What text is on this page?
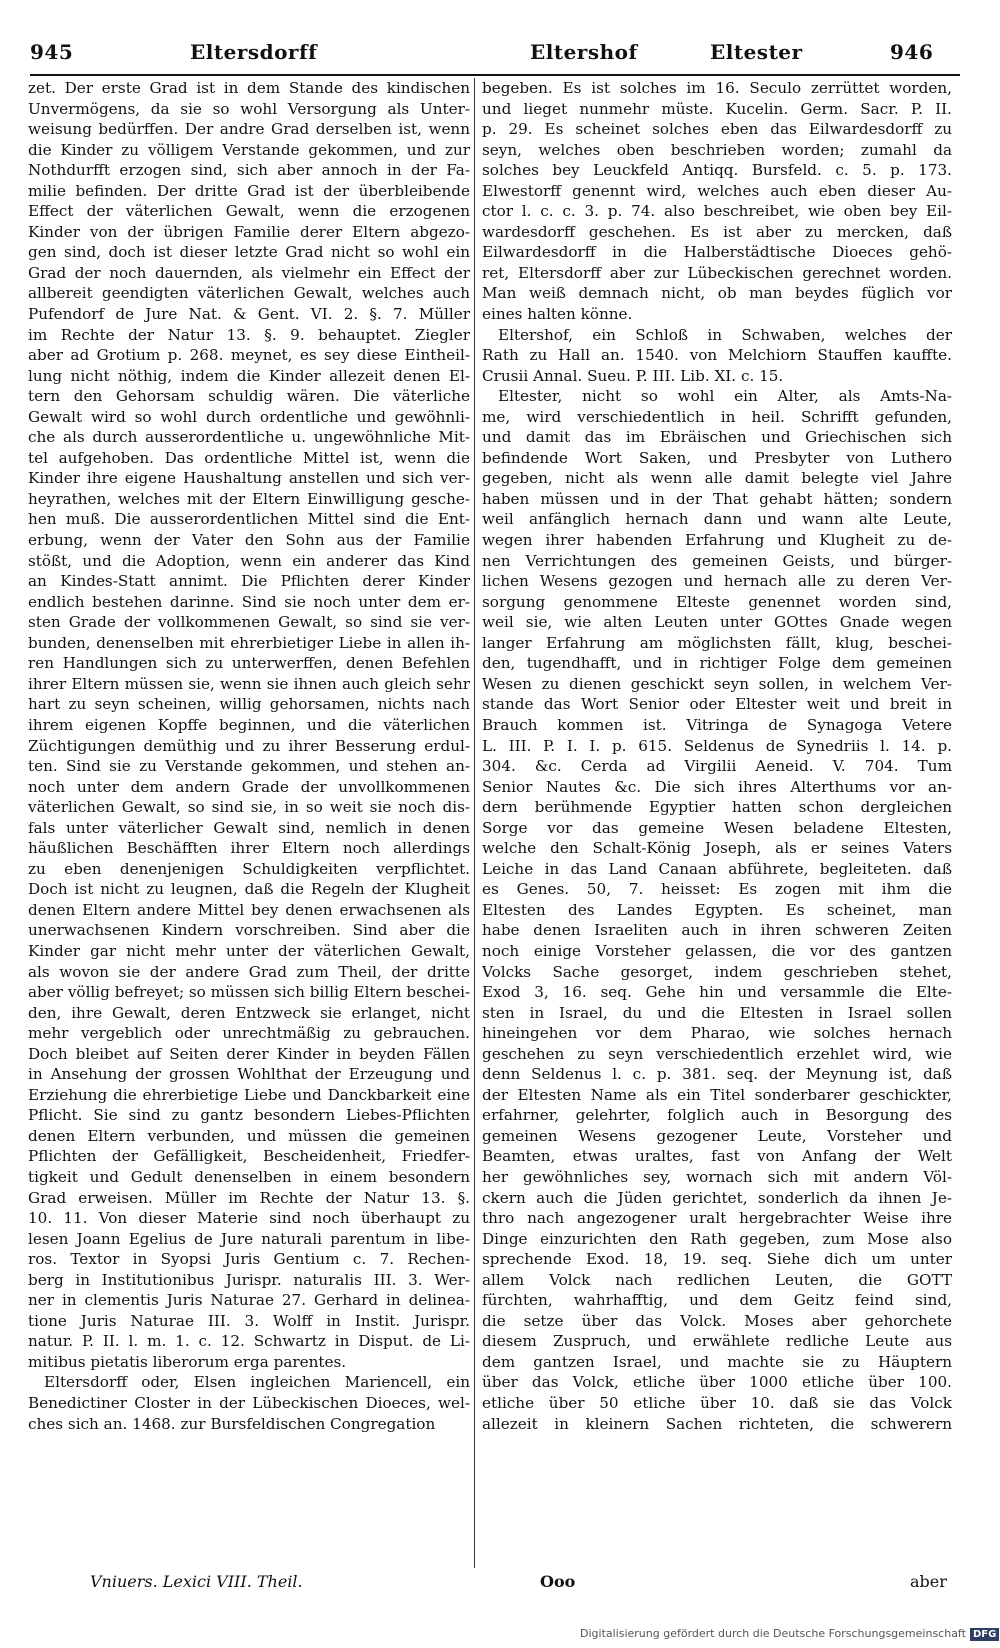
945	Eltersdorff	Eltershof	Eltester	946
zet. Der erste Grad ist in dem Stande des kindischen
Unvermögens, da sie so wohl Versorgung als Unter-
weisung bedürffen. Der andre Grad derselben ist, wenn
die Kinder zu völligem Verstande gekommen, und zur
Nothdurfft erzogen sind, sich aber annoch in der Fa-
milie befinden. Der dritte Grad ist der überbleibende
Effect der väterlichen Gewalt, wenn die erzogenen
Kinder von der übrigen Familie derer Eltern abgezo-
gen sind, doch ist dieser letzte Grad nicht so wohl ein
Grad der noch dauernden, als vielmehr ein Effect der
allbereit geendigten väterlichen Gewalt, welches auch
Pufendorf de Jure Nat. & Gent. VI. 2. §. 7. Müller
im Rechte der Natur 13. §. 9. behauptet. Ziegler
aber ad Grotium p. 268. meynet, es sey diese Eintheil-
lung nicht nöthig, indem die Kinder allezeit denen El-
tern den Gehorsam schuldig wären. Die väterliche
Gewalt wird so wohl durch ordentliche und gewöhnli-
che als durch ausserordentliche u. ungewöhnliche Mit-
tel aufgehoben. Das ordentliche Mittel ist, wenn die
Kinder ihre eigene Haushaltung anstellen und sich ver-
heyrathen, welches mit der Eltern Einwilligung gesche-
hen muß. Die ausserordentlichen Mittel sind die Ent-
erbung, wenn der Vater den Sohn aus der Familie
stößt, und die Adoption, wenn ein anderer das Kind
an Kindes-Statt annimt. Die Pflichten derer Kinder
endlich bestehen darinne. Sind sie noch unter dem er-
sten Grade der vollkommenen Gewalt, so sind sie ver-
bunden, denenselben mit ehrerbietiger Liebe in allen ih-
ren Handlungen sich zu unterwerffen, denen Befehlen
ihrer Eltern müssen sie, wenn sie ihnen auch gleich sehr
hart zu seyn scheinen, willig gehorsamen, nichts nach
ihrem eigenen Kopffe beginnen, und die väterlichen
Züchtigungen demüthig und zu ihrer Besserung erdul-
ten. Sind sie zu Verstande gekommen, und stehen an-
noch unter dem andern Grade der unvollkommenen
väterlichen Gewalt, so sind sie, in so weit sie noch dis-
fals unter väterlicher Gewalt sind, nemlich in denen
häußlichen Beschäfften ihrer Eltern noch allerdings
zu eben denenjenigen Schuldigkeiten verpflichtet.
Doch ist nicht zu leugnen, daß die Regeln der Klugheit
denen Eltern andere Mittel bey denen erwachsenen als
unerwachsenen Kindern vorschreiben. Sind aber die
Kinder gar nicht mehr unter der väterlichen Gewalt,
als wovon sie der andere Grad zum Theil, der dritte
aber völlig befreyet; so müssen sich billig Eltern beschei-
den, ihre Gewalt, deren Entzweck sie erlanget, nicht
mehr vergeblich oder unrechtmäßig zu gebrauchen.
Doch bleibet auf Seiten derer Kinder in beyden Fällen
in Ansehung der grossen Wohlthat der Erzeugung und
Erziehung die ehrerbietige Liebe und Danckbarkeit eine
Pflicht. Sie sind zu gantz besondern Liebes-Pflichten
denen Eltern verbunden, und müssen die gemeinen
Pflichten der Gefälligkeit, Bescheidenheit, Friedfer-
tigkeit und Gedult denenselben in einem besondern
Grad erweisen. Müller im Rechte der Natur 13. §.
10. 11. Von dieser Materie sind noch überhaupt zu
lesen Joann Egelius de Jure naturali parentum in libe-
ros. Textor in Syopsi Juris Gentium c. 7. Rechen-
berg in Institutionibus Jurispr. naturalis III. 3. Wer-
ner in clementis Juris Naturae 27. Gerhard in delinea-
tione Juris Naturae III. 3. Wolff in Instit. Jurispr.
natur. P. II. l. m. 1. c. 12. Schwartz in Disput. de Li-
mitibus pietatis liberorum erga parentes.
Eltersdorff oder, Elsen ingleichen Mariencell, ein
Benedictiner Closter in der Lübeckischen Dioeces, wel-
ches sich an. 1468. zur Bursfeldischen Congregation
begeben. Es ist solches im 16. Seculo zerrüttet worden,
und lieget nunmehr müste. Kucelin. Germ. Sacr. P. II.
p. 29. Es scheinet solches eben das Eilwardesdorff zu
seyn, welches oben beschrieben worden; zumahl da
solches bey Leuckfeld Antiqq. Bursfeld. c. 5. p. 173.
Elwestorff genennt wird, welches auch eben dieser Au-
ctor l. c. c. 3. p. 74. also beschreibet, wie oben bey Eil-
wardesdorff geschehen. Es ist aber zu mercken, daß
Eilwardesdorff in die Halberstädtische Dioeces gehö-
ret, Eltersdorff aber zur Lübeckischen gerechnet worden.
Man weiß demnach nicht, ob man beydes füglich vor
eines halten könne.
Eltershof, ein Schloß in Schwaben, welches der
Rath zu Hall an. 1540. von Melchiorn Stauffen kauffte.
Crusii Annal. Sueu. P. III. Lib. XI. c. 15.
Eltester, nicht so wohl ein Alter, als Amts-Na-
me, wird verschiedentlich in heil. Schrifft gefunden,
und damit das im Ebräischen und Griechischen sich
befindende Wort Saken, und Presbyter von Luthero
gegeben, nicht als wenn alle damit belegte viel Jahre
haben müssen und in der That gehabt hätten; sondern
weil anfänglich hernach dann und wann alte Leute,
wegen ihrer habenden Erfahrung und Klugheit zu de-
nen Verrichtungen des gemeinen Geists, und bürger-
lichen Wesens gezogen und hernach alle zu deren Ver-
sorgung genommene Elteste genennet worden sind,
weil sie, wie alten Leuten unter GOttes Gnade wegen
langer Erfahrung am möglichsten fällt, klug, beschei-
den, tugendhafft, und in richtiger Folge dem gemeinen
Wesen zu dienen geschickt seyn sollen, in welchem Ver-
stande das Wort Senior oder Eltester weit und breit in
Brauch kommen ist. Vitringa de Synagoga Vetere
L. III. P. I. I. p. 615. Seldenus de Synedriis l. 14. p.
304. &c. Cerda ad Virgilii Aeneid. V. 704. Tum
Senior Nautes &c. Die sich ihres Alterthums vor an-
dern berühmende Egyptier hatten schon dergleichen
Sorge vor das gemeine Wesen beladene Eltesten,
welche den Schalt-König Joseph, als er seines Vaters
Leiche in das Land Canaan abführete, begleiteten. daß
es Genes. 50, 7. heisset: Es zogen mit ihm die
Eltesten des Landes Egypten. Es scheinet, man
habe denen Israeliten auch in ihren schweren Zeiten
noch einige Vorsteher gelassen, die vor des gantzen
Volcks Sache gesorget, indem geschrieben stehet,
Exod 3, 16. seq. Gehe hin und versammle die Elte-
sten in Israel, du und die Eltesten in Israel sollen
hineingehen vor dem Pharao, wie solches hernach
geschehen zu seyn verschiedentlich erzehlet wird, wie
denn Seldenus l. c. p. 381. seq. der Meynung ist, daß
der Eltesten Name als ein Titel sonderbarer geschickter,
erfahrner, gelehrter, folglich auch in Besorgung des
gemeinen Wesens gezogener Leute, Vorsteher und
Beamten, etwas uraltes, fast von Anfang der Welt
her gewöhnliches sey, wornach sich mit andern Völ-
ckern auch die Jüden gerichtet, sonderlich da ihnen Je-
thro nach angezogener uralt hergebrachter Weise ihre
Dinge einzurichten den Rath gegeben, zum Mose also
sprechende Exod. 18, 19. seq. Siehe dich um unter
allem Volck nach redlichen Leuten, die GOTT
fürchten, wahrhafftig, und dem Geitz feind sind,
die setze über das Volck. Moses aber gehorchete
diesem Zuspruch, und erwählete redliche Leute aus
dem gantzen Israel, und machte sie zu Häuptern
über das Volck, etliche über 1000 etliche über 100.
etliche über 50 etliche über 10. daß sie das Volck
allezeit in kleinern Sachen richteten, die schwerern
Vniuers. Lexici VIII. Theil.	Ooo	aber
Digitalisierung gefördert durch die Deutsche Forschungsgemeinschaft DFG
